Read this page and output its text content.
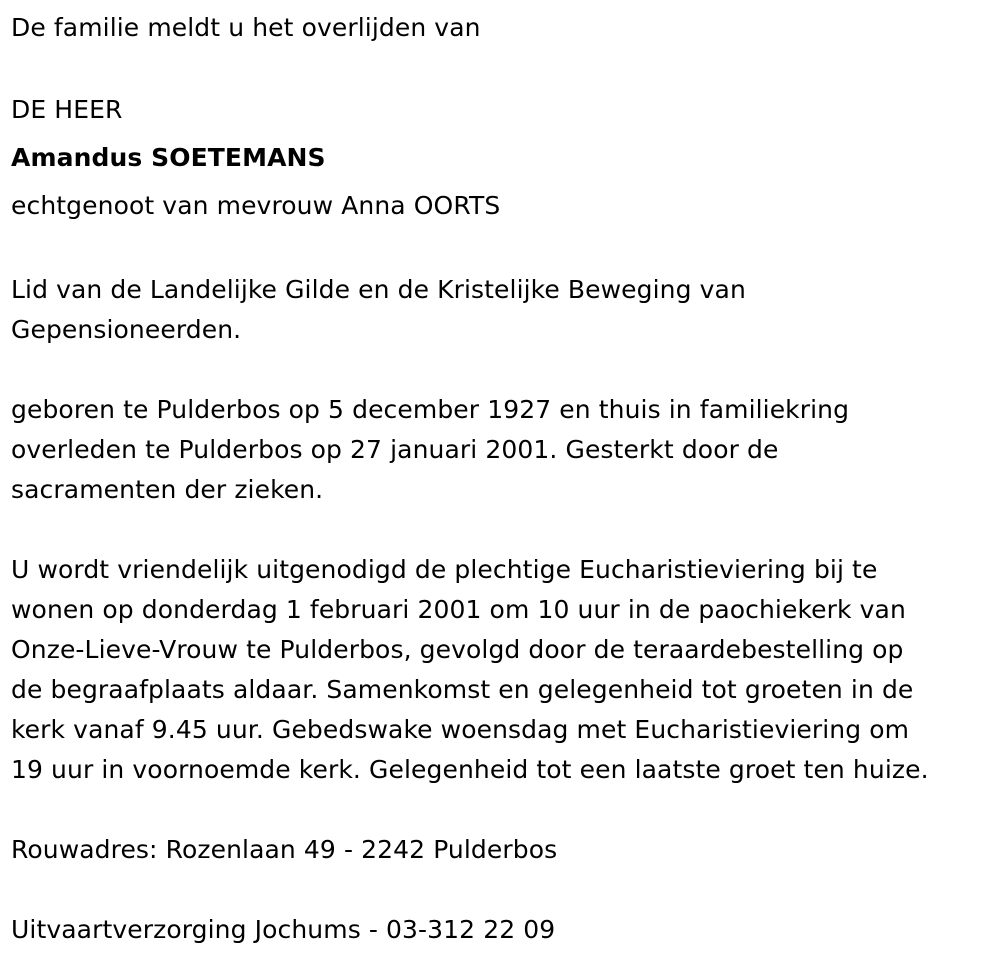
De familie meldt u het overlijden van

DE HEER

Amandus SOETEMANS

echtgenoot van mevrouw Anna OORTS

Lid van de Landelijke Gilde en de Kristelijke Beweging van

Gepensioneerden.

geboren te Pulderbos op 5 december 1927 en thuis in familiekring

overleden te Pulderbos op 27 januari 2001. Gesterkt door de

sacramenten der zieken.

U wordt vriendelijk uitgenodigd de plechtige Eucharistieviering bij te

wonen op donderdag 1 februari 2001 om 10 uur in de paochiekerk van

Onze-Lieve-Vrouw te Pulderbos, gevolgd door de teraardebestelling op

de begraafplaats aldaar. Samenkomst en gelegenheid tot groeten in de

kerk vanaf 9.45 uur. Gebedswake woensdag met Eucharistieviering om

19 uur in voornoemde kerk. Gelegenheid tot een laatste groet ten huize.

Rouwadres: Rozenlaan 49 - 2242 Pulderbos

Uitvaartverzorging Jochums - 03-312 22 09
